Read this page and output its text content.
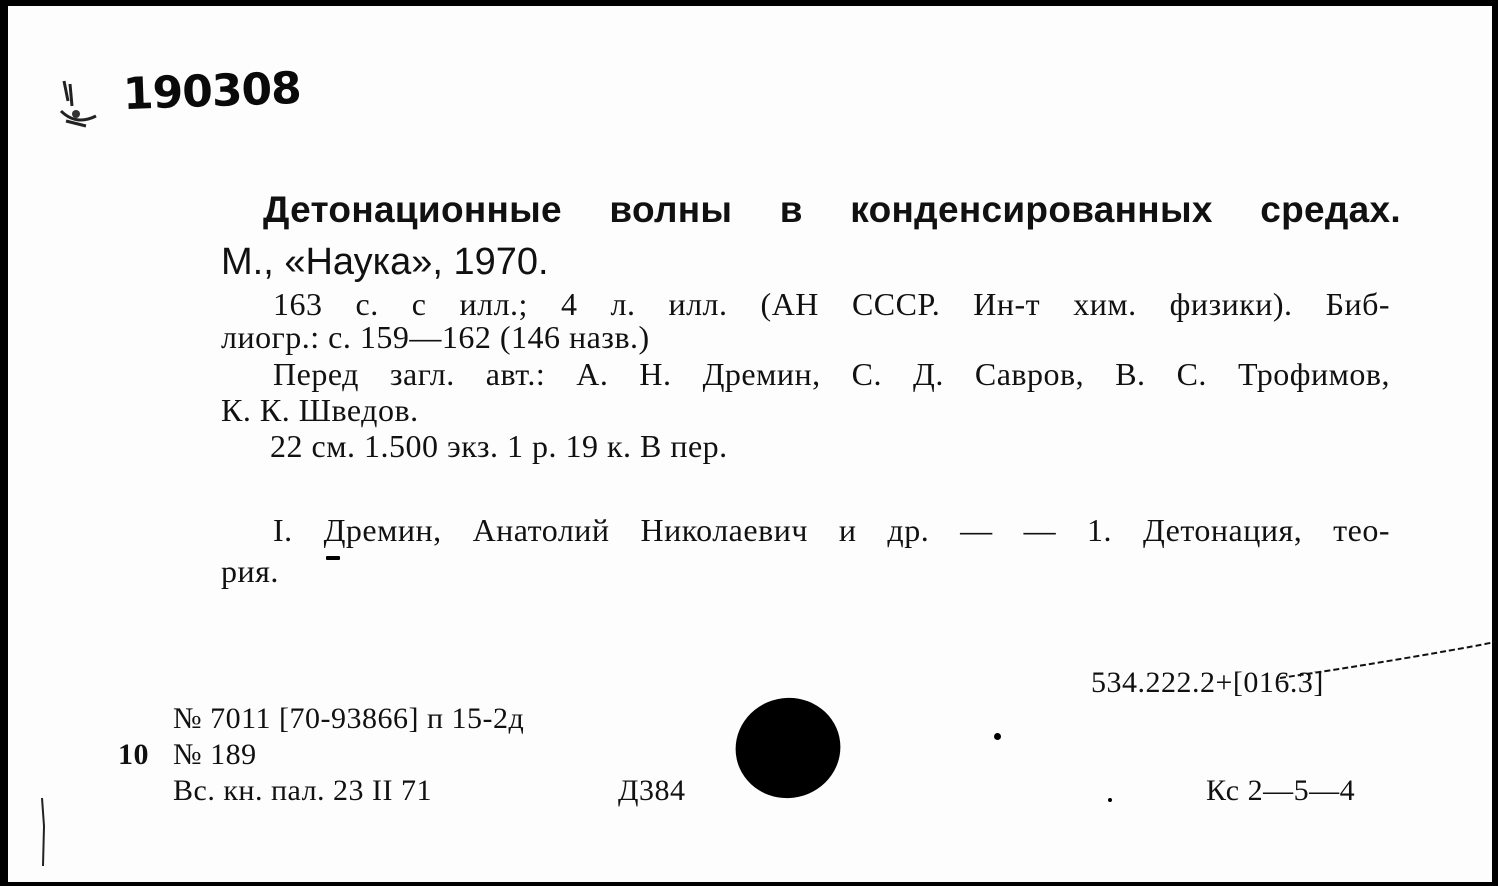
190308
Детонационные волны в конденсированных средах.
М., «Наука», 1970.
163 с. с илл.; 4 л. илл. (АН СССР. Ин-т хим. физики). Биб-
лиогр.: с. 159—162 (146 назв.)
Перед загл. авт.: А. Н. Дремин, С. Д. Савров, В. С. Трофимов,
К. К. Шведов.
22 см. 1.500 экз. 1 р. 19 к. В пер.
I. Дремин, Анатолий Николаевич и др. — — 1. Детонация, тео-
рия.
534.222.2+[016.3]
№ 7011 [70-93866] п 15-2д
10 № 189
Вс. кн. пал. 23 II 71	Д384	Кс 2—5—4
